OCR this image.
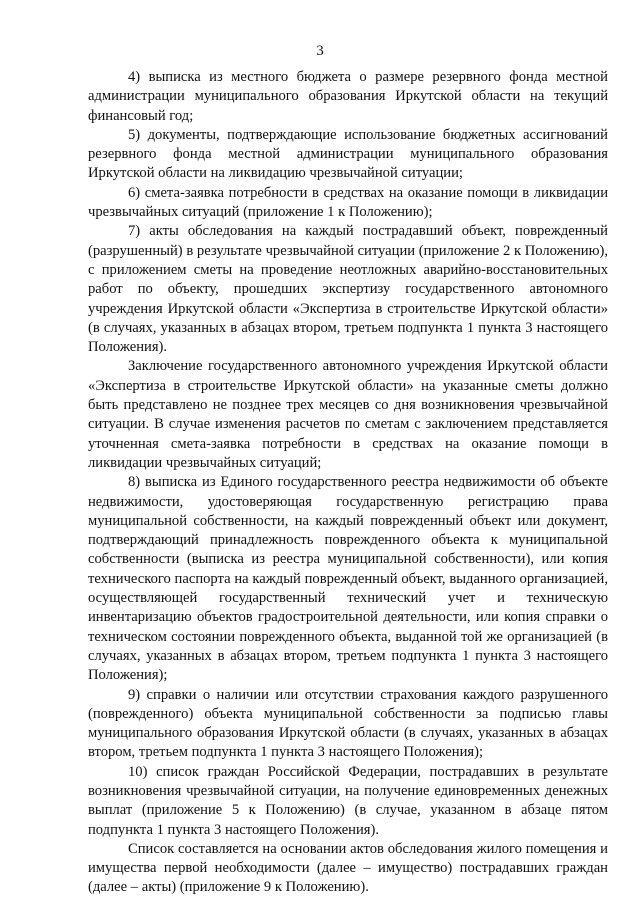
3

4) выписка из местного бюджета о размере резервного фонда местной администрации муниципального образования Иркутской области на текущий финансовый год;

5) документы, подтверждающие использование бюджетных ассигнований резервного фонда местной администрации муниципального образования Иркутской области на ликвидацию чрезвычайной ситуации;

6) смета-заявка потребности в средствах на оказание помощи в ликвидации чрезвычайных ситуаций (приложение 1 к Положению);

7) акты обследования на каждый пострадавший объект, поврежденный (разрушенный) в результате чрезвычайной ситуации (приложение 2 к Положению), с приложением сметы на проведение неотложных аварийно-восстановительных работ по объекту, прошедших экспертизу государственного автономного учреждения Иркутской области «Экспертиза в строительстве Иркутской области» (в случаях, указанных в абзацах втором, третьем подпункта 1 пункта 3 настоящего Положения).

Заключение государственного автономного учреждения Иркутской области «Экспертиза в строительстве Иркутской области» на указанные сметы должно быть представлено не позднее трех месяцев со дня возникновения чрезвычайной ситуации. В случае изменения расчетов по сметам с заключением представляется уточненная смета-заявка потребности в средствах на оказание помощи в ликвидации чрезвычайных ситуаций;

8) выписка из Единого государственного реестра недвижимости об объекте недвижимости, удостоверяющая государственную регистрацию права муниципальной собственности, на каждый поврежденный объект или документ, подтверждающий принадлежность поврежденного объекта к муниципальной собственности (выписка из реестра муниципальной собственности), или копия технического паспорта на каждый поврежденный объект, выданного организацией, осуществляющей государственный технический учет и техническую инвентаризацию объектов градостроительной деятельности, или копия справки о техническом состоянии поврежденного объекта, выданной той же организацией (в случаях, указанных в абзацах втором, третьем подпункта 1 пункта 3 настоящего Положения);

9) справки о наличии или отсутствии страхования каждого разрушенного (поврежденного) объекта муниципальной собственности за подписью главы муниципального образования Иркутской области (в случаях, указанных в абзацах втором, третьем подпункта 1 пункта 3 настоящего Положения);

10) список граждан Российской Федерации, пострадавших в результате возникновения чрезвычайной ситуации, на получение единовременных денежных выплат (приложение 5 к Положению) (в случае, указанном в абзаце пятом подпункта 1 пункта 3 настоящего Положения).

Список составляется на основании актов обследования жилого помещения и имущества первой необходимости (далее – имущество) пострадавших граждан (далее – акты) (приложение 9 к Положению).
